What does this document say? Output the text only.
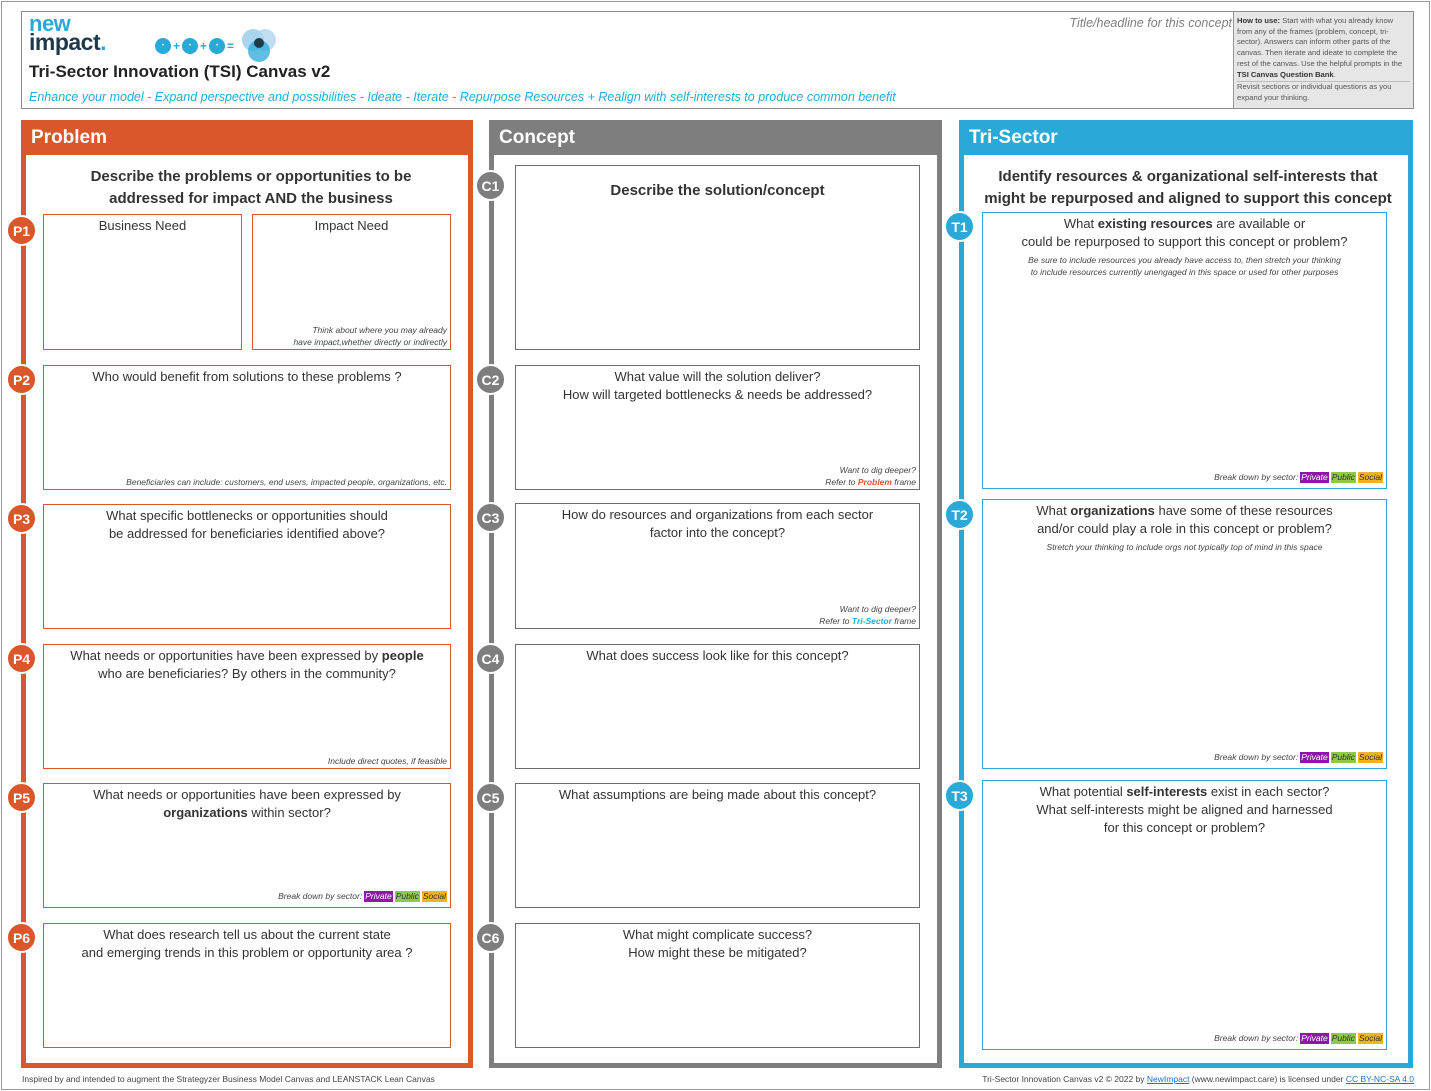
new
impact.	• +	• +	• =
Tri-Sector Innovation (TSI) Canvas v2
Enhance your model - Expand perspective and possibilities - Ideate - Iterate - Repurpose Resources + Realign with self-interests to produce common benefit
Title/headline for this concept How to use: Start with what you already know from any of the frames (problem, concept, tri-sector). Answers can inform other parts of the canvas. Then iterate and ideate to complete the rest of the canvas. Use the helpful prompts in the TSI Canvas Question Bank.
Revisit sections or individual questions as you expand your thinking.
Problem
Describe the problems or opportunities to be addressed for impact AND the business
Business Need	Impact Need
Think about where you may already
have impact,whether directly or indirectly
Who would benefit from solutions to these problems ?
Beneficiaries can include: customers, end users, impacted people, organizations, etc.
What specific bottlenecks or opportunities should
be addressed for beneficiaries identified above?
What needs or opportunities have been expressed by people
who are beneficiaries? By others in the community?
Include direct quotes, if feasible
What needs or opportunities have been expressed by
organizations within sector?
Break down by sector: Private Public Social
What does research tell us about the current state
and emerging trends in this problem or opportunity area ?
Concept
Describe the solution/concept
What value will the solution deliver?
How will targeted bottlenecks & needs be addressed?
Want to dig deeper?
Refer to Problem frame
How do resources and organizations from each sector
factor into the concept?
Want to dig deeper?
Refer to Tri-Sector frame
What does success look like for this concept?
What assumptions are being made about this concept?
What might complicate success?
How might these be mitigated?
Tri-Sector
Identify resources & organizational self-interests that might be repurposed and aligned to support this concept
What existing resources are available or
could be repurposed to support this concept or problem?
Be sure to include resources you already have access to, then stretch your thinking
to include resources currently unengaged in this space or used for other purposes
Break down by sector: Private Public Social
What organizations have some of these resources
and/or could play a role in this concept or problem?
Stretch your thinking to include orgs not typically top of mind in this space
Break down by sector: Private Public Social
What potential self-interests exist in each sector?
What self-interests might be aligned and harnessed
for this concept or problem?
Break down by sector: Private Public Social
P1
P2
P3
P4
P5
P6
C1
C2
C3
C4
C5
C6
T1
T2
T3
Inspired by and intended to augment the Strategyzer Business Model Canvas and LEANSTACK Lean Canvas	Tri-Sector Innovation Canvas v2 © 2022 by NewImpact (www.newimpact.care) is licensed under CC BY-NC-SA 4.0
